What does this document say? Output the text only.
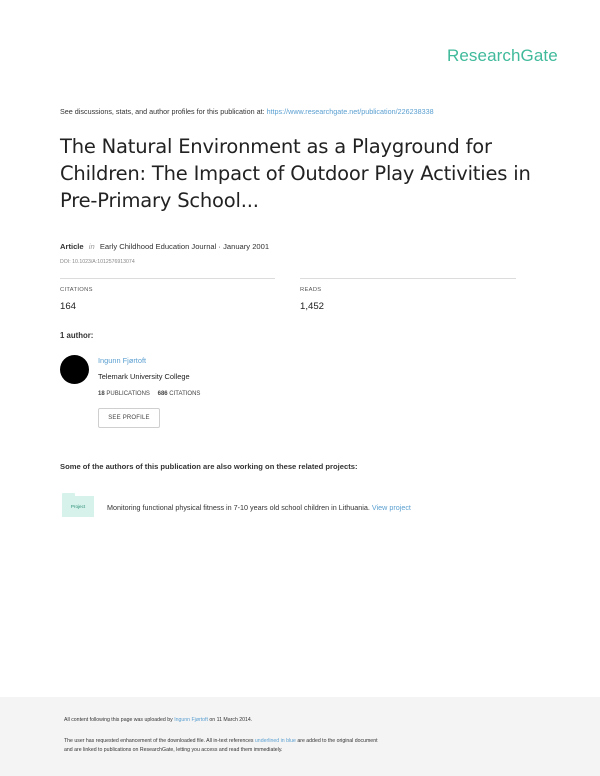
ResearchGate
See discussions, stats, and author profiles for this publication at: https://www.researchgate.net/publication/226238338
The Natural Environment as a Playground for Children: The Impact of Outdoor Play Activities in Pre-Primary School...
Article in Early Childhood Education Journal · January 2001
DOI: 10.1023/A:1012576913074
CITATIONS
164
READS
1,452
1 author:
Ingunn Fjørtoft
Telemark University College
18 PUBLICATIONS 686 CITATIONS
SEE PROFILE
Some of the authors of this publication are also working on these related projects:
Project	Monitoring functional physical fitness in 7-10 years old school children in Lithuania. View project
All content following this page was uploaded by Ingunn Fjørtoft on 11 March 2014.
The user has requested enhancement of the downloaded file. All in-text references underlined in blue are added to the original document
and are linked to publications on ResearchGate, letting you access and read them immediately.
